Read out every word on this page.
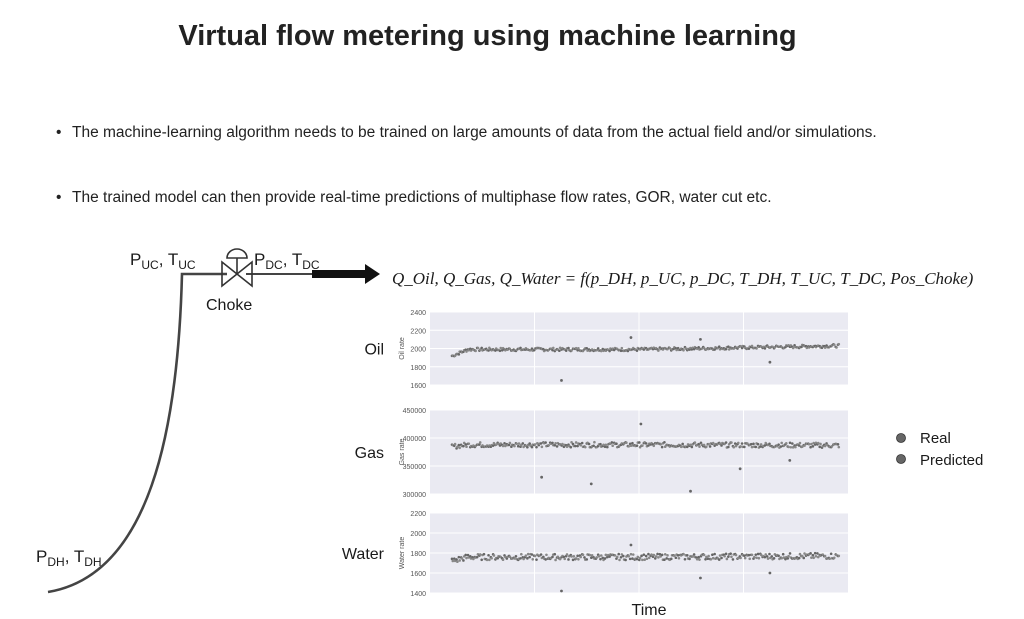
Virtual flow metering using machine learning
• The machine-learning algorithm needs to be trained on large amounts of data from the actual field and/or simulations.
• The trained model can then provide real-time predictions of multiphase flow rates, GOR, water cut etc.
$P_{UC}$, $T_{UC}$	$P_{DC}$, $T_{DC}$
Choke
$P_{DH}$, $T_{DH}$
Q_Oil, Q_Gas, Q_Water = f(p_DH, p_UC, p_DC, T_DH, T_UC, T_DC, Pos_Choke)
1600
1800
2000
2200
2400
Oil rate
Oil
300000
350000
400000
450000
Gas rate
Gas
1400
1600
1800
2000
2200
Water rate
Water
Time
Real
Predicted
